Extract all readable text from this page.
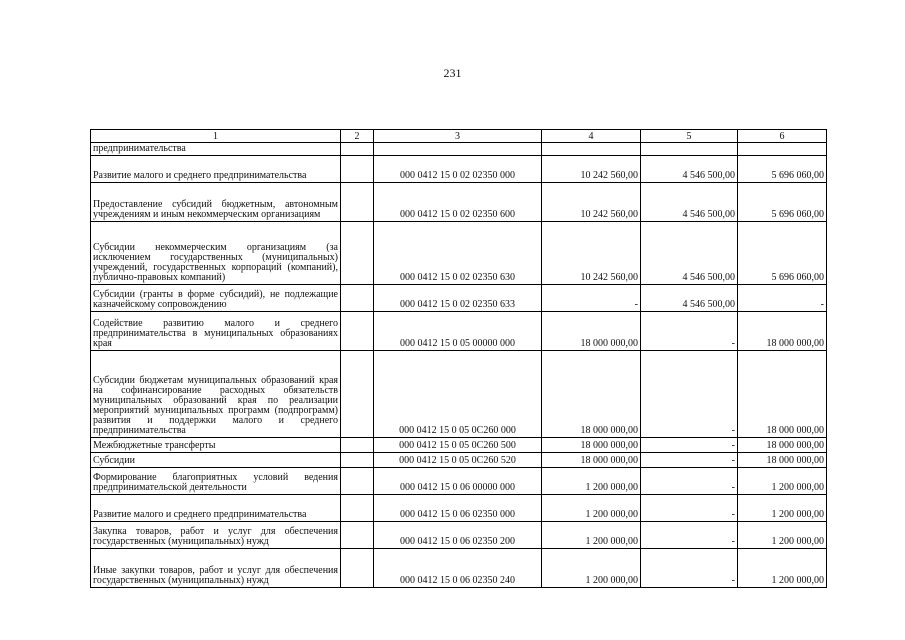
231
1	2	3	4	5	6
предпринимательства					
Развитие малого и среднего предпринимательства		000 0412 15 0 02 02350 000	10 242 560,00	4 546 500,00	5 696 060,00
Предоставление субсидий бюджетным, автономным учреждениям и иным некоммерческим организациям		000 0412 15 0 02 02350 600	10 242 560,00	4 546 500,00	5 696 060,00
Субсидии некоммерческим организациям (за исключением государственных (муниципальных) учреждений, государственных корпораций (компаний), публично-правовых компаний)		000 0412 15 0 02 02350 630	10 242 560,00	4 546 500,00	5 696 060,00
Субсидии (гранты в форме субсидий), не подлежащие казначейскому сопровождению		000 0412 15 0 02 02350 633	-	4 546 500,00	-
Содействие развитию малого и среднего предпринимательства в муниципальных образованиях края		000 0412 15 0 05 00000 000	18 000 000,00	-	18 000 000,00
Субсидии бюджетам муниципальных образований края на софинансирование расходных обязательств муниципальных образований края по реализации мероприятий муниципальных программ (подпрограмм) развития и поддержки малого и среднего предпринимательства		000 0412 15 0 05 0С260 000	18 000 000,00	-	18 000 000,00
Межбюджетные трансферты		000 0412 15 0 05 0С260 500	18 000 000,00	-	18 000 000,00
Субсидии		000 0412 15 0 05 0С260 520	18 000 000,00	-	18 000 000,00
Формирование благоприятных условий ведения предпринимательской деятельности		000 0412 15 0 06 00000 000	1 200 000,00	-	1 200 000,00
Развитие малого и среднего предпринимательства		000 0412 15 0 06 02350 000	1 200 000,00	-	1 200 000,00
Закупка товаров, работ и услуг для обеспечения государственных (муниципальных) нужд		000 0412 15 0 06 02350 200	1 200 000,00	-	1 200 000,00
Иные закупки товаров, работ и услуг для обеспечения государственных (муниципальных) нужд		000 0412 15 0 06 02350 240	1 200 000,00	-	1 200 000,00
